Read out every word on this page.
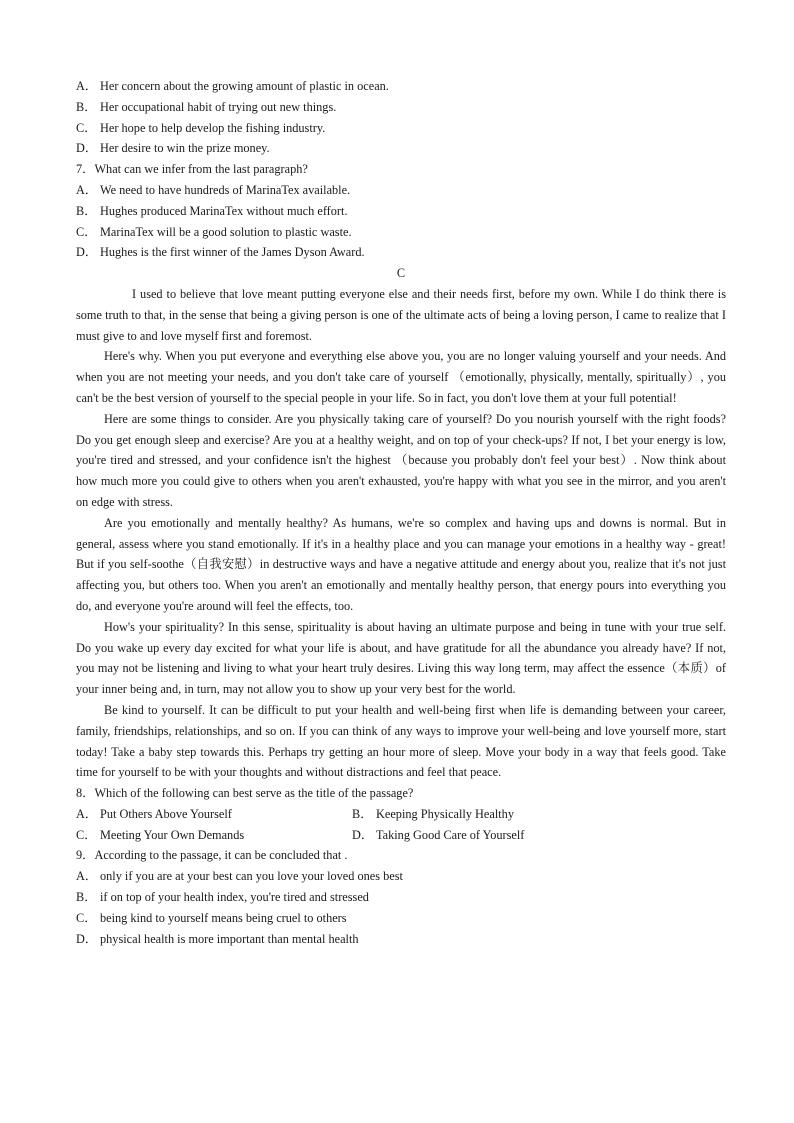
A． Her concern about the growing amount of plastic in ocean.
B． Her occupational habit of trying out new things.
C． Her hope to help develop the fishing industry.
D． Her desire to win the prize money.
7．What can we infer from the last paragraph?
A． We need to have hundreds of MarinaTex available.
B． Hughes produced MarinaTex without much effort.
C． MarinaTex will be a good solution to plastic waste.
D． Hughes is the first winner of the James Dyson Award.
C

I used to believe that love meant putting everyone else and their needs first, before my own. While I do think there is some truth to that, in the sense that being a giving person is one of the ultimate acts of being a loving person, I came to realize that I must give to and love myself first and foremost.

Here's why. When you put everyone and everything else above you, you are no longer valuing yourself and your needs. And when you are not meeting your needs, and you don't take care of yourself （emotionally, physically, mentally, spiritually）, you can't be the best version of yourself to the special people in your life. So in fact, you don't love them at your full potential!

Here are some things to consider. Are you physically taking care of yourself? Do you nourish yourself with the right foods? Do you get enough sleep and exercise? Are you at a healthy weight, and on top of your check-ups? If not, I bet your energy is low, you're tired and stressed, and your confidence isn't the highest （because you probably don't feel your best）. Now think about how much more you could give to others when you aren't exhausted, you're happy with what you see in the mirror, and you aren't on edge with stress.

Are you emotionally and mentally healthy? As humans, we're so complex and having ups and downs is normal. But in general, assess where you stand emotionally. If it's in a healthy place and you can manage your emotions in a healthy way - great! But if you self-soothe（自我安慰）in destructive ways and have a negative attitude and energy about you, realize that it's not just affecting you, but others too. When you aren't an emotionally and mentally healthy person, that energy pours into everything you do, and everyone you're around will feel the effects, too.

How's your spirituality? In this sense, spirituality is about having an ultimate purpose and being in tune with your true self. Do you wake up every day excited for what your life is about, and have gratitude for all the abundance you already have? If not, you may not be listening and living to what your heart truly desires. Living this way long term, may affect the essence（本质）of your inner being and, in turn, may not allow you to show up your very best for the world.

Be kind to yourself. It can be difficult to put your health and well-being first when life is demanding between your career, family, friendships, relationships, and so on. If you can think of any ways to improve your well-being and love yourself more, start today! Take a baby step towards this. Perhaps try getting an hour more of sleep. Move your body in a way that feels good. Take time for yourself to be with your thoughts and without distractions and feel that peace.

8．Which of the following can best serve as the title of the passage?
A． Put Others Above Yourself	B． Keeping Physically Healthy
C． Meeting Your Own Demands	D． Taking Good Care of Yourself
9．According to the passage, it can be concluded that .
A． only if you are at your best can you love your loved ones best
B． if on top of your health index, you're tired and stressed
C． being kind to yourself means being cruel to others
D． physical health is more important than mental health
